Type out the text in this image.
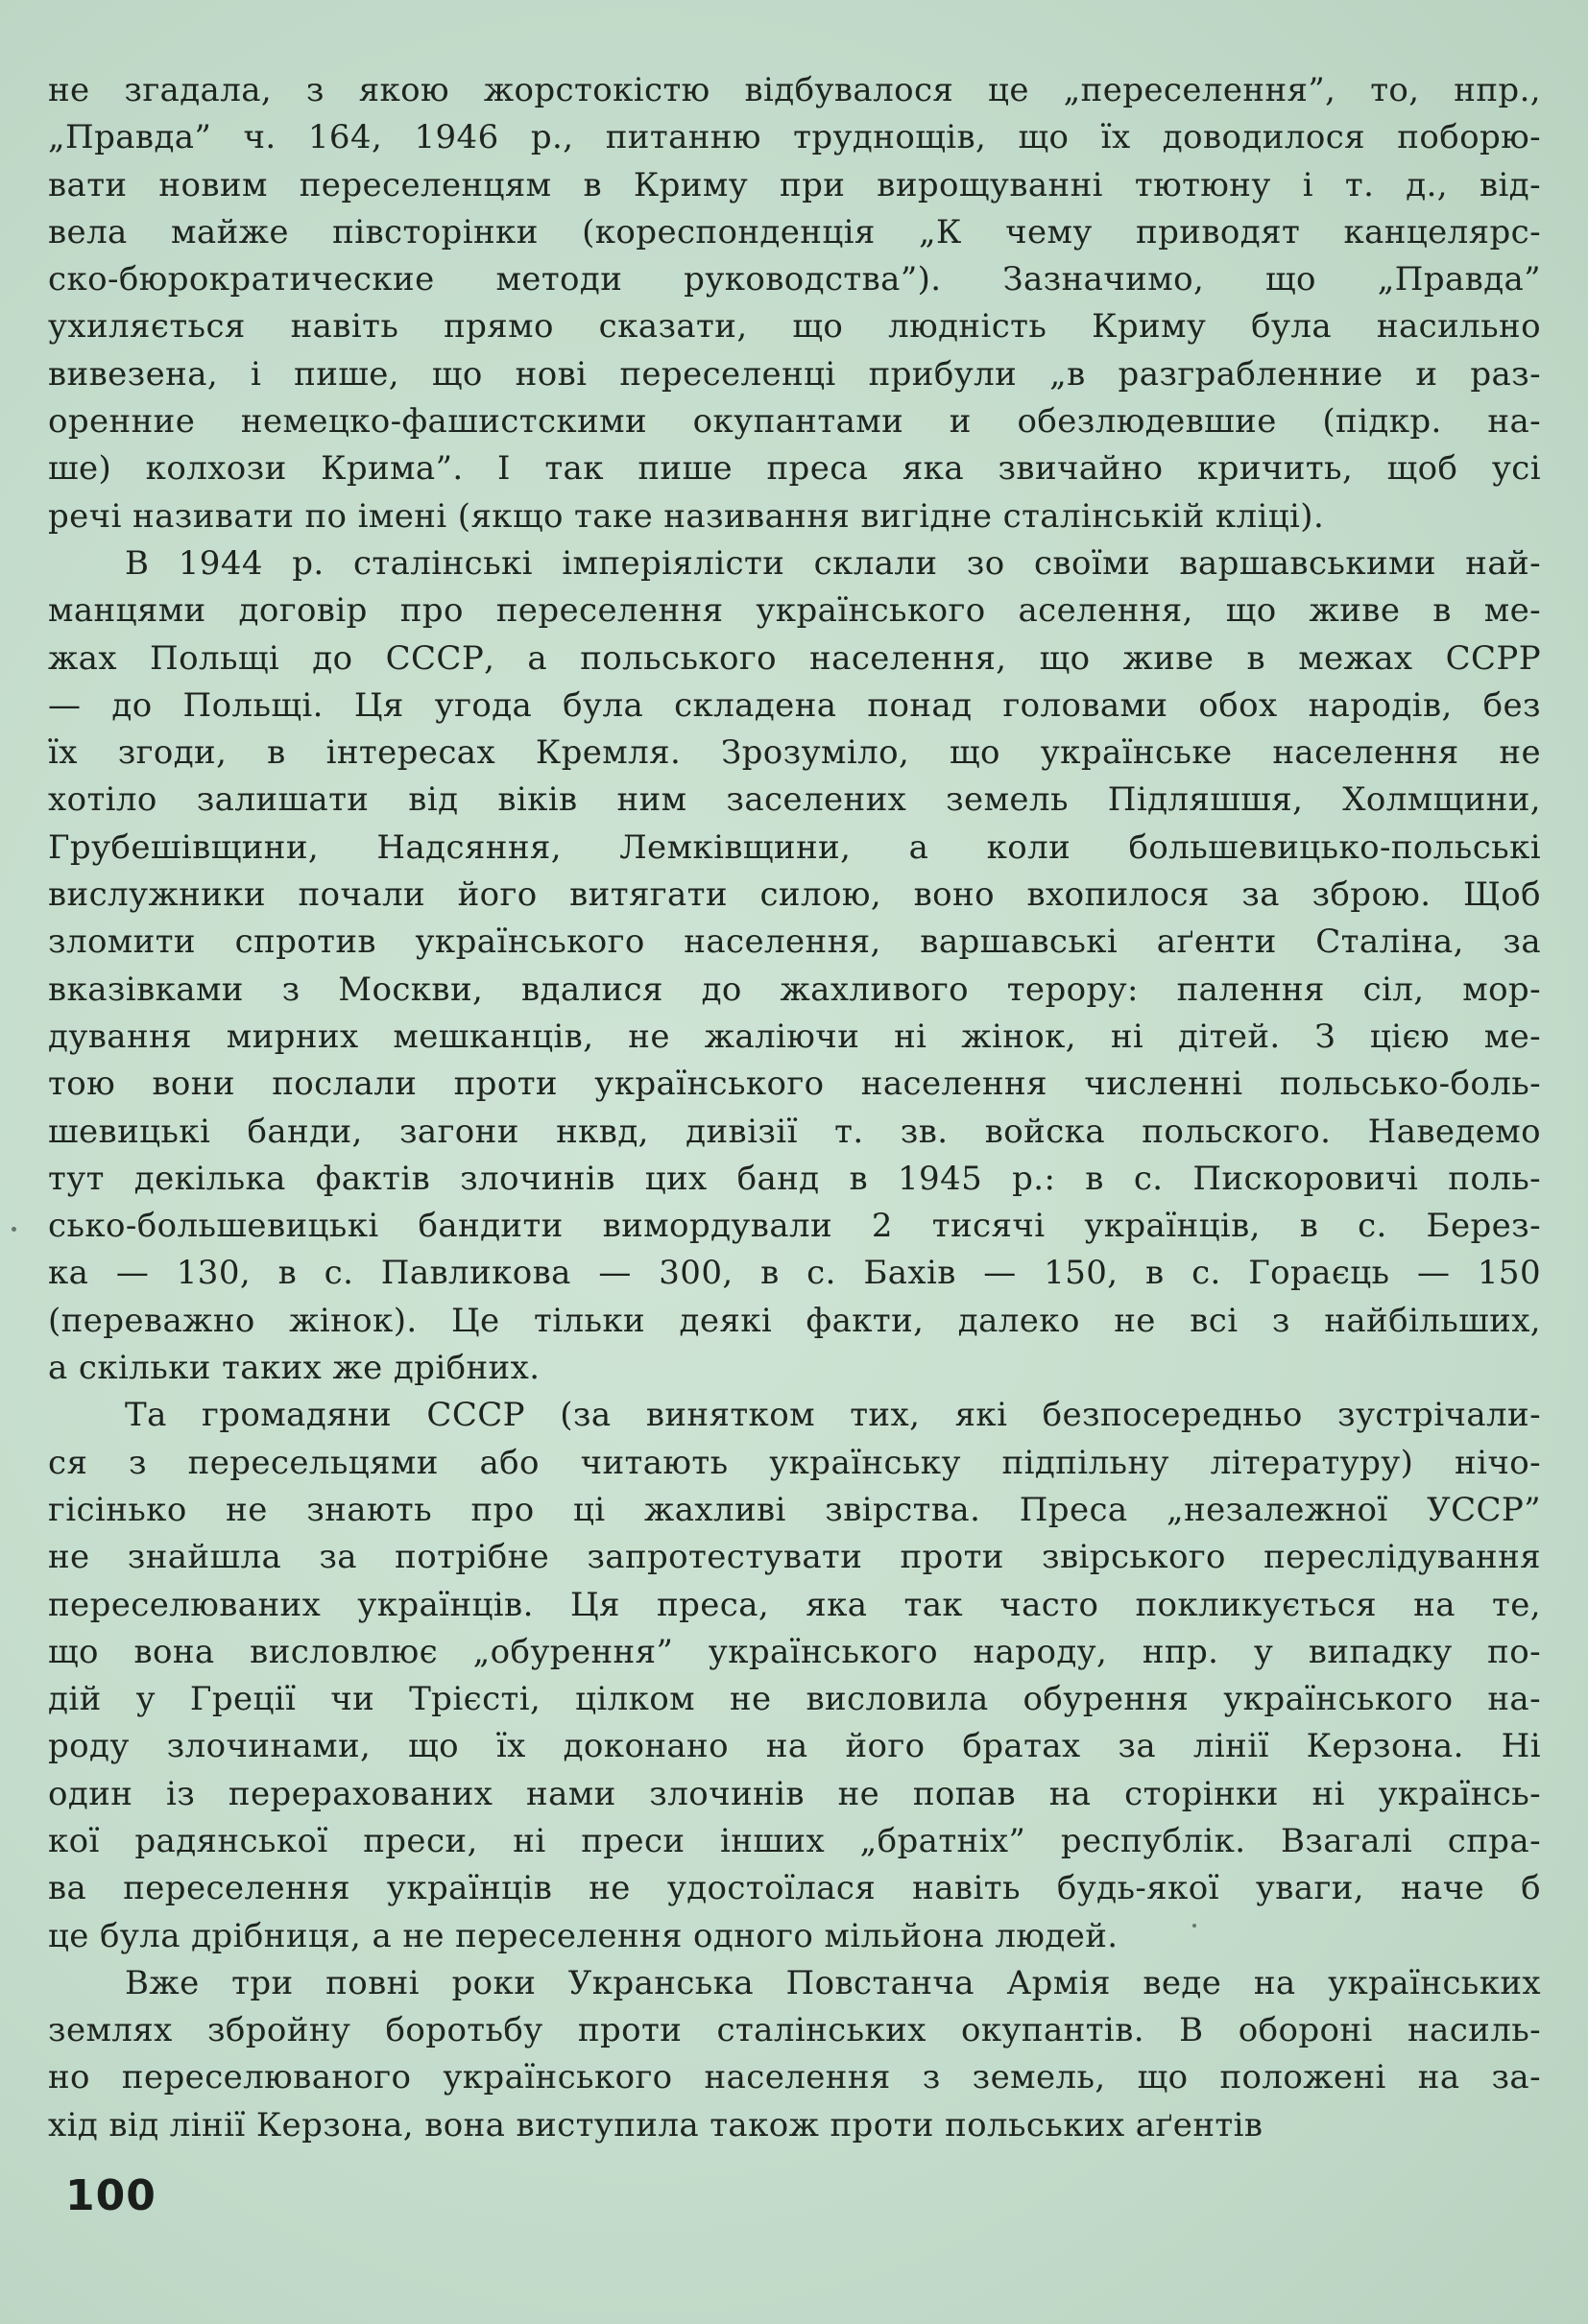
не згадала, з якою жорстокістю відбувалося це „переселення”, то, нпр.,
„Правда” ч. 164, 1946 р., питанню труднощів, що їх доводилося поборю-
вати новим переселенцям в Криму при вирощуванні тютюну і т. д., від-
вела майже півсторінки (кореспонденція „К чему приводят канцелярс-
ско-бюрократические методи руководства”). Зазначимо, що „Правда”
ухиляється навіть прямо сказати, що людність Криму була насильно
вивезена, і пише, що нові переселенці прибули „в разграбленние и раз-
оренние немецко-фашистскими окупантами и обезлюдевшие (підкр. на-
ше) колхози Крима”. І так пише преса яка звичайно кричить, щоб усі
речі називати по імені (якщо таке називання вигідне сталінській кліці).
В 1944 р. сталінські імперіялісти склали зо своїми варшавськими най-
манцями договір про переселення українського аселення, що живе в ме-
жах Польщі до СССР, а польського населення, що живе в межах ССРР
— до Польщі. Ця угода була складена понад головами обох народів, без
їх згоди, в інтересах Кремля. Зрозуміло, що українське населення не
хотіло залишати від віків ним заселених земель Підляшшя, Холмщини,
Грубешівщини, Надсяння, Лемківщини, а коли большевицько-польські
вислужники почали його витягати силою, воно вхопилося за зброю. Щоб
зломити спротив українського населення, варшавські аґенти Сталіна, за
вказівками з Москви, вдалися до жахливого терору: палення сіл, мор-
дування мирних мешканців, не жаліючи ні жінок, ні дітей. З цією ме-
тою вони послали проти українського населення численні польсько-боль-
шевицькі банди, загони нквд, дивізії т. зв. войска польского. Наведемо
тут декілька фактів злочинів цих банд в 1945 р.: в с. Пискоровичі поль-
сько-большевицькі бандити вимордували 2 тисячі українців, в с. Берез-
ка — 130, в с. Павликова — 300, в с. Бахів — 150, в с. Гораєць — 150
(переважно жінок). Це тільки деякі факти, далеко не всі з найбільших,
а скільки таких же дрібних.
Та громадяни СССР (за винятком тих, які безпосередньо зустрічали-
ся з пересельцями або читають українську підпільну літературу) нічо-
гісінько не знають про ці жахливі звірства. Преса „незалежної УССР”
не знайшла за потрібне запротестувати проти звірського переслідування
переселюваних українців. Ця преса, яка так часто покликується на те,
що вона висловлює „обурення” українського народу, нпр. у випадку по-
дій у Греції чи Трієсті, цілком не висловила обурення українського на-
роду злочинами, що їх доконано на його братах за лінії Керзона. Ні
один із перерахованих нами злочинів не попав на сторінки ні українсь-
кої радянської преси, ні преси інших „братніх” республік. Взагалі спра-
ва переселення українців не удостоїлася навіть будь-якої уваги, наче б
це була дрібниця, а не переселення одного мільйона людей.
Вже три повні роки Укранська Повстанча Армія веде на українських
землях збройну боротьбу проти сталінських окупантів. В обороні насиль-
но переселюваного українського населення з земель, що положені на за-
хід від лінії Керзона, вона виступила також проти польських аґентів
100
